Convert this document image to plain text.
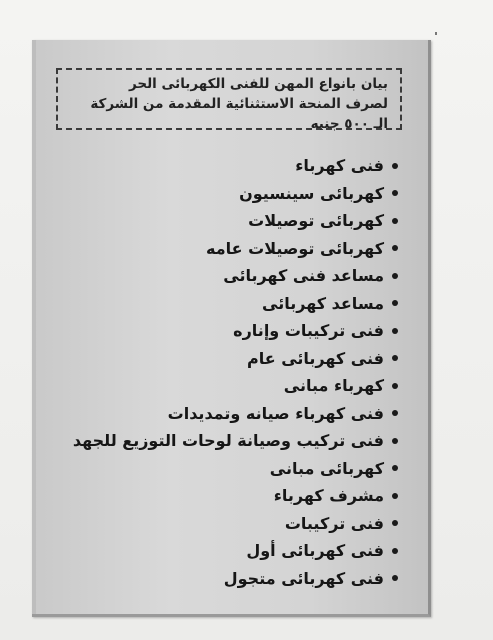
بيان بانواع المهن للفنى الكهربائى الحر
لصرف المنحة الاستثنائية المقدمة من الشركة
الـ ٥٠٠ جنيه
فنى كهرباء
كهربائى سينسيون
كهربائى توصيلات
كهربائى توصيلات عامه
مساعد فنى كهربائى
مساعد كهربائى
فنى تركيبات وإناره
فنى كهربائى عام
كهرباء مبانى
فنى كهرباء صيانه وتمديدات
فنى تركيب وصيانة لوحات التوزيع للجهد
كهربائى مبانى
مشرف كهرباء
فنى تركيبات
فنى كهربائى أول
فنى كهربائى متجول
